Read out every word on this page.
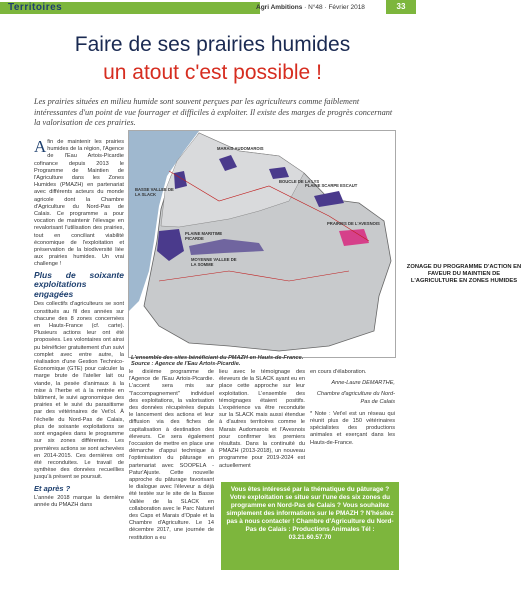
Territoires	Agri Ambitions · N°48 · Février 2018	33
Faire de ses prairies humides
un atout c'est possible !
Les prairies situées en milieu humide sont souvent perçues par les agriculteurs comme faiblement intéressantes d'un point de vue fourrager et difficiles à exploiter. Il existe des marges de progrès concernant la valorisation de ces prairies.

Afin de maintenir les prairies humides de la région, l'Agence de l'Eau Artois-Picardie cofinance depuis 2013 le Programme de Maintien de l'Agriculture dans les Zones Humides (PMAZH) en partenariat avec différents acteurs du monde agricole dont la Chambre d'Agriculture du Nord-Pas de Calais. Ce programme a pour vocation de maintenir l'élevage en revalorisant l'utilisation des prairies, tout en conciliant viabilité économique de l'exploitation et préservation de la biodiversité liée aux prairies humides. Un vrai challenge !

Plus de soixante exploitations engagées

Des collectifs d'agriculteurs se sont constitués au fil des années sur chacune des 8 zones concernées en Hauts-France (cf. carte). Plusieurs actions leur ont été proposées. Les volontaires ont ainsi pu bénéficier gratuitement d'un suivi complet avec entre autre, la réalisation d'une Gestion Technico-Économique (GTE) pour calculer la marge brute de l'atelier lait ou viande, la pesée d'animaux à la mise à l'herbe et à la rentrée en bâtiment, le suivi agronomique des prairies et le suivi du parasitisme par des vétérinaires de Vet'ol. À l'échelle du Nord-Pas de Calais, plus de soixante exploitations se sont engagées dans le programme sur six zones différentes. Les premières actions se sont achevées en 2014-2015. Ces dernières ont été reconduites. Le travail de synthèse des données recueillies jusqu'à présent se poursuit.

Et après ?

L'année 2018 marque la dernière année du PMAZH dans

ZONAGE DU PROGRAMME D'ACTION EN FAVEUR DU MAINTIEN DE L'AGRICULTURE EN ZONES HUMIDES
MARAIS AUDOMAROIS
BOUCLE DE LA LYS
BASSE VALLEE DE LA SLACK
PLAINE MARITIME PICARDE
MOYENNE VALLEE DE LA SOMME
PLAINE SCARPE ESCAUT
PRAIRIES DE L'AVESNOIS
L'ensemble des sites bénéficiant du PMAZH en Hauts-de-France.
Source : Agence de l'Eau Artois-Picardie.

le dixième programme de l'Agence de l'Eau Artois-Picardie. L'accent sera mis sur "l'accompagnement" individuel des exploitations, la valorisation des données récupérées depuis le lancement des actions et leur diffusion via des fiches de capitalisation à destination des éleveurs. Ce sera également l'occasion de mettre en place une démarche d'appui technique à l'optimisation du pâturage en partenariat avec SOOPELA - Patur'Ajuste. Cette nouvelle approche du pâturage favorisant le dialogue avec l'éleveur a déjà été testée sur le site de la Basse Vallée de la SLACK en collaboration avec le Parc Naturel des Caps et Marais d'Opale et la Chambre d'Agriculture. Le 14 décembre 2017, une journée de restitution a eu

lieu avec le témoignage des éleveurs de la SLACK ayant eu en place cette approche sur leur exploitation. L'ensemble des témoignages étaient positifs. L'expérience va être reconduite sur la SLACK mais aussi étendue à d'autres territoires comme le Marais Audomarois et l'Avesnois pour confirmer les premiers résultats. Dans la continuité du PMAZH (2013-2018), un nouveau programme pour 2019-2024 est actuellement

en cours d'élaboration.

Anne-Laure DEMARTHE,
Chambre d'agriculture du Nord-Pas de Calais

* Note : Vet'el est un réseau qui réunit plus de 150 vétérinaires spécialistes des productions animales et exerçant dans les Hauts-de-France.

Vous êtes intéressé par la thématique du pâturage ? Votre exploitation se situe sur l'une des six zones du programme en Nord-Pas de Calais ? Vous souhaitez simplement des informations sur le PMAZH ? N'hésitez pas à nous contacter ! Chambre d'Agriculture du Nord-Pas de Calais : Productions Animales Tél : 03.21.60.57.70
